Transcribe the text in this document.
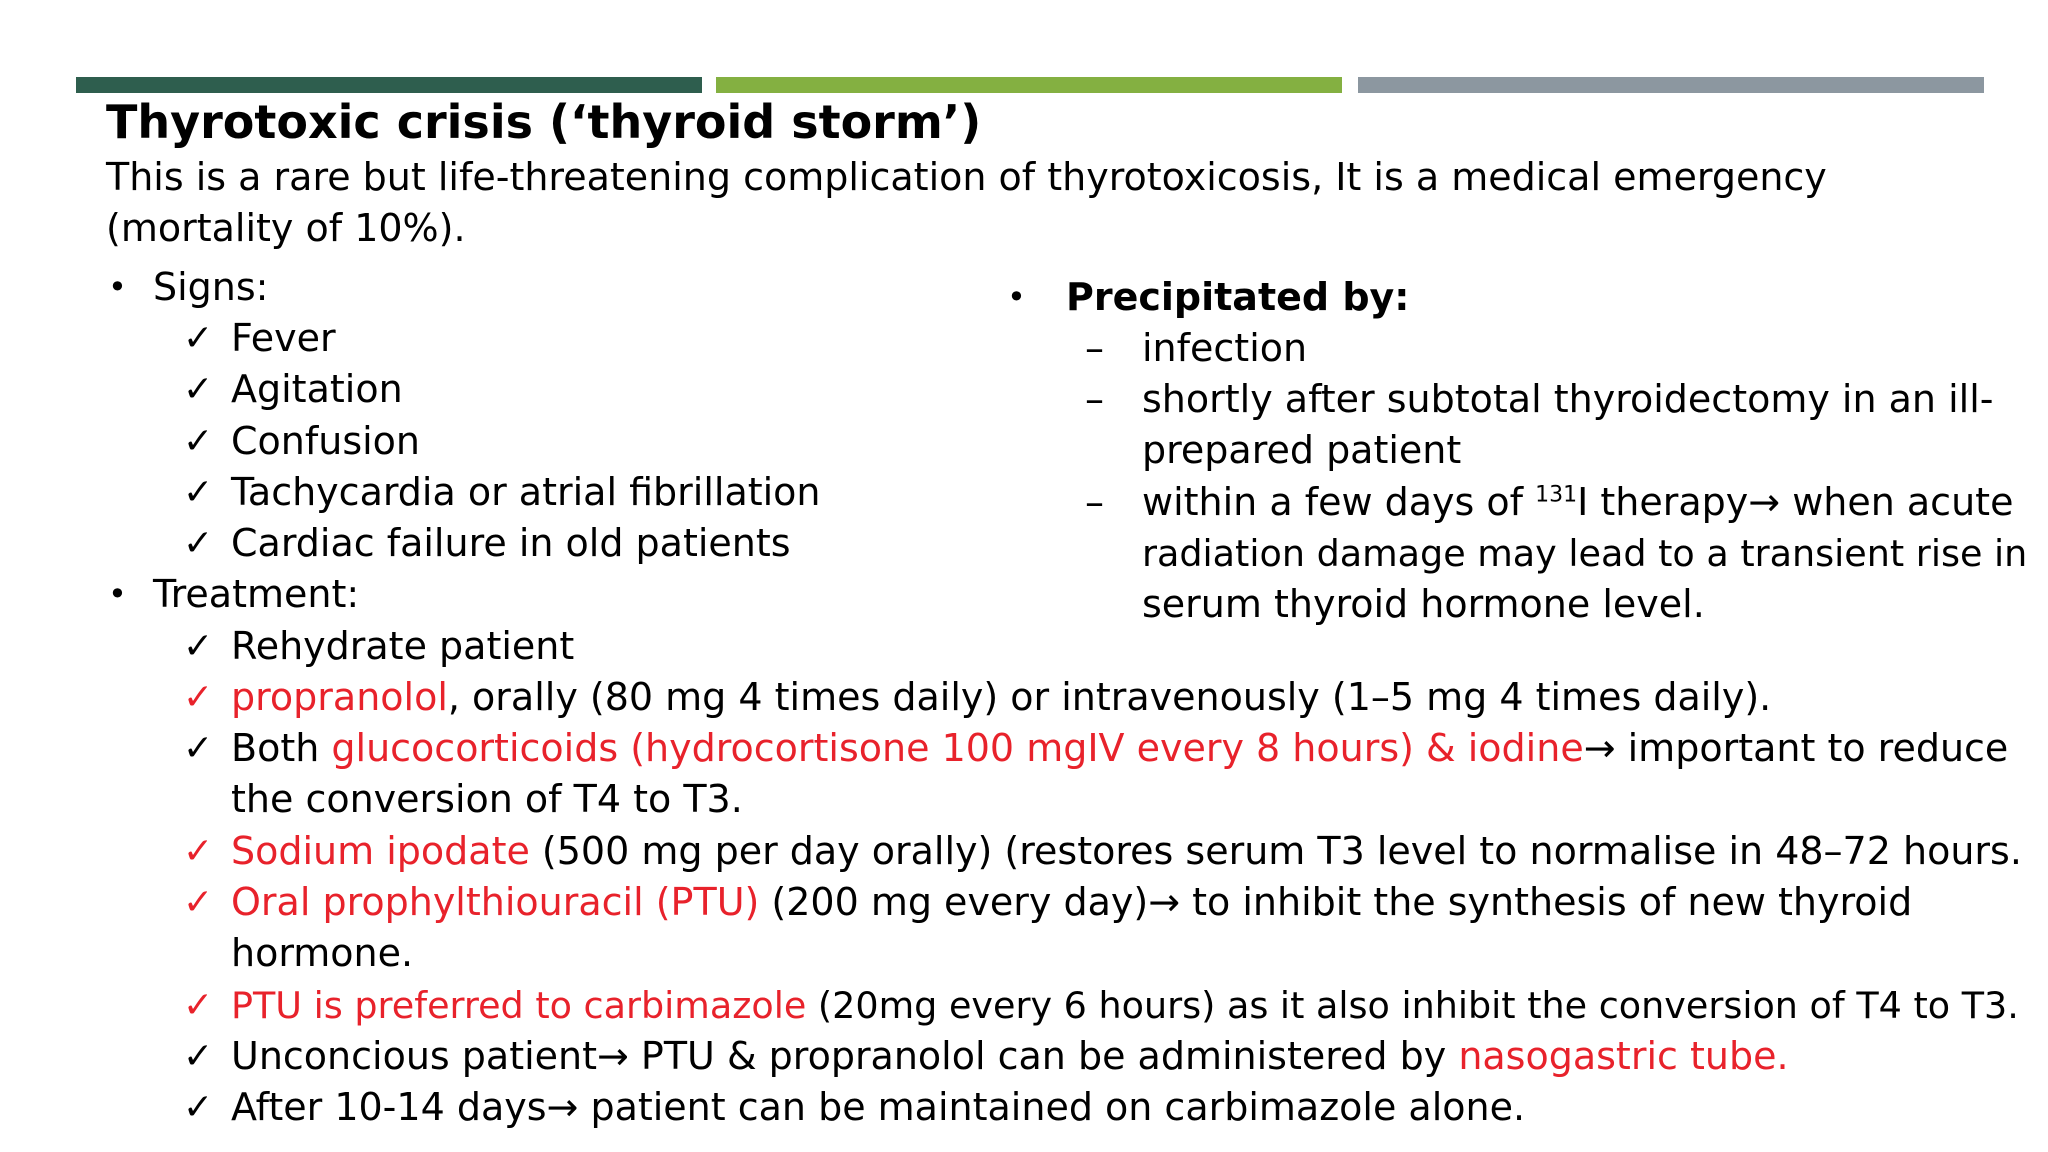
Thyrotoxic crisis (‘thyroid storm’)
This is a rare but life-threatening complication of thyrotoxicosis, It is a medical emergency (mortality of 10%).
• Signs:
✓ Fever
✓ Agitation
✓ Confusion
✓ Tachycardia or atrial fibrillation
✓ Cardiac failure in old patients
• Precipitated by:
– infection
– shortly after subtotal thyroidectomy in an ill-
prepared patient
– within a few days of $^{131}$I therapy→ when acute
radiation damage may lead to a transient rise in
serum thyroid hormone level.
• Treatment:
✓ Rehydrate patient
✓ propranolol, orally (80 mg 4 times daily) or intravenously (1–5 mg 4 times daily).
✓ Both glucocorticoids (hydrocortisone 100 mgIV every 8 hours) & iodine→ important to reduce
the conversion of T4 to T3.
✓ Sodium ipodate (500 mg per day orally) (restores serum T3 level to normalise in 48–72 hours.
✓ Oral prophylthiouracil (PTU) (200 mg every day)→ to inhibit the synthesis of new thyroid
hormone.
✓ PTU is preferred to carbimazole (20mg every 6 hours) as it also inhibit the conversion of T4 to T3.
✓ Unconcious patient→ PTU & propranolol can be administered by nasogastric tube.
✓ After 10-14 days→ patient can be maintained on carbimazole alone.
